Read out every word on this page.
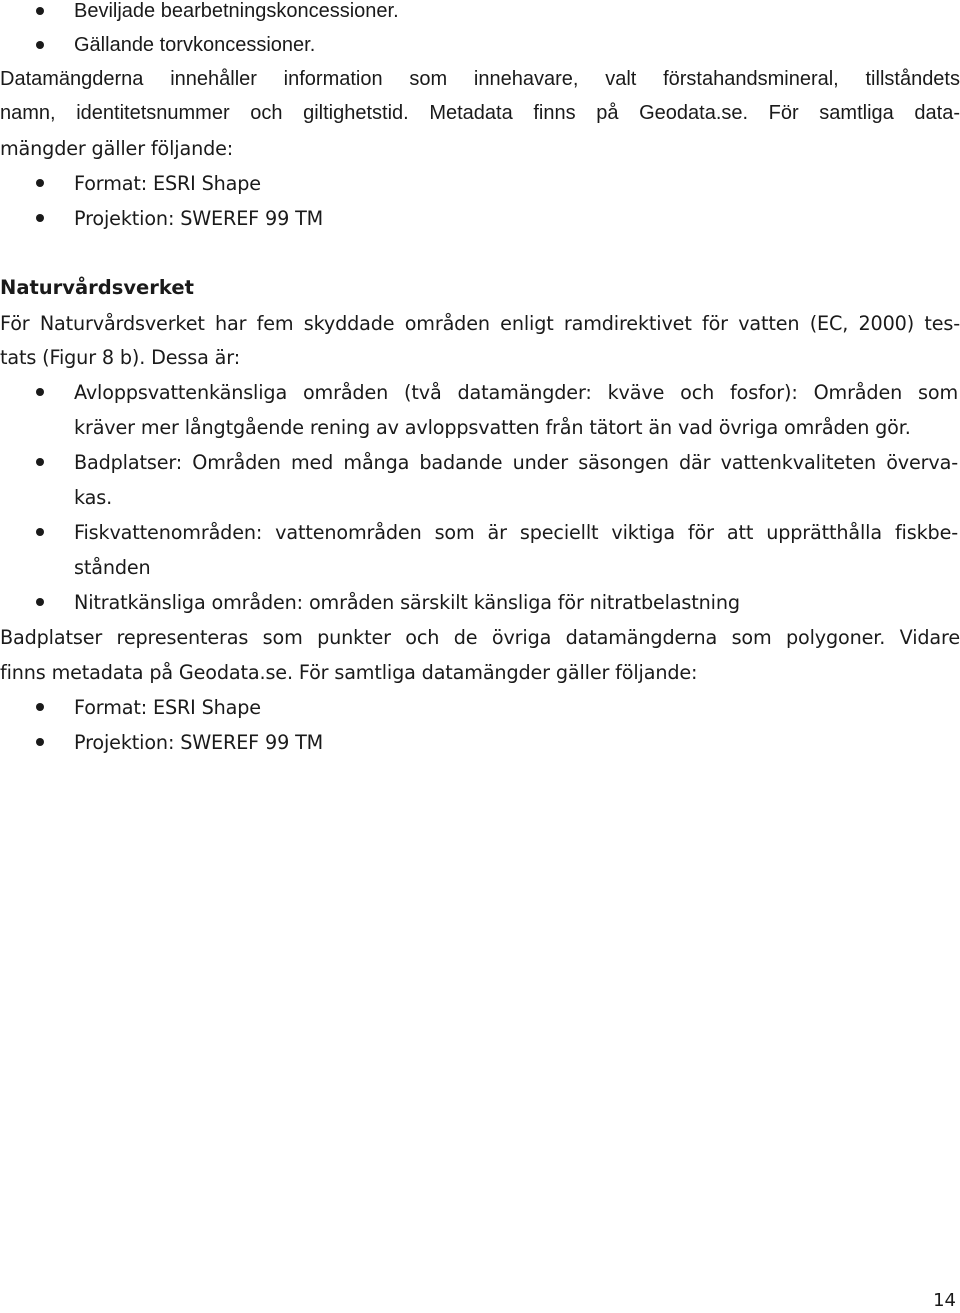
Beviljade bearbetningskoncessioner.
Gällande torvkoncessioner.

Datamängderna innehåller information som innehavare, valt förstahandsmineral, tillståndets

namn, identitetsnummer och giltighetstid. Metadata finns på Geodata.se. För samtliga data-

mängder gäller följande:

Format: ESRI Shape
Projektion: SWEREF 99 TM
Naturvårdsverket

För Naturvårdsverket har fem skyddade områden enligt ramdirektivet för vatten (EC, 2000) tes-

tats (Figur 8 b). Dessa är:

Avloppsvattenkänsliga områden (två datamängder: kväve och fosfor): Områden som
kräver mer långtgående rening av avloppsvatten från tätort än vad övriga områden gör.
Badplatser: Områden med många badande under säsongen där vattenkvaliteten överva-
kas.
Fiskvattenområden: vattenområden som är speciellt viktiga för att upprätthålla fiskbe-
stånden
Nitratkänsliga områden: områden särskilt känsliga för nitratbelastning

Badplatser representeras som punkter och de övriga datamängderna som polygoner. Vidare

finns metadata på Geodata.se. För samtliga datamängder gäller följande:

Format: ESRI Shape
Projektion: SWEREF 99 TM
14
